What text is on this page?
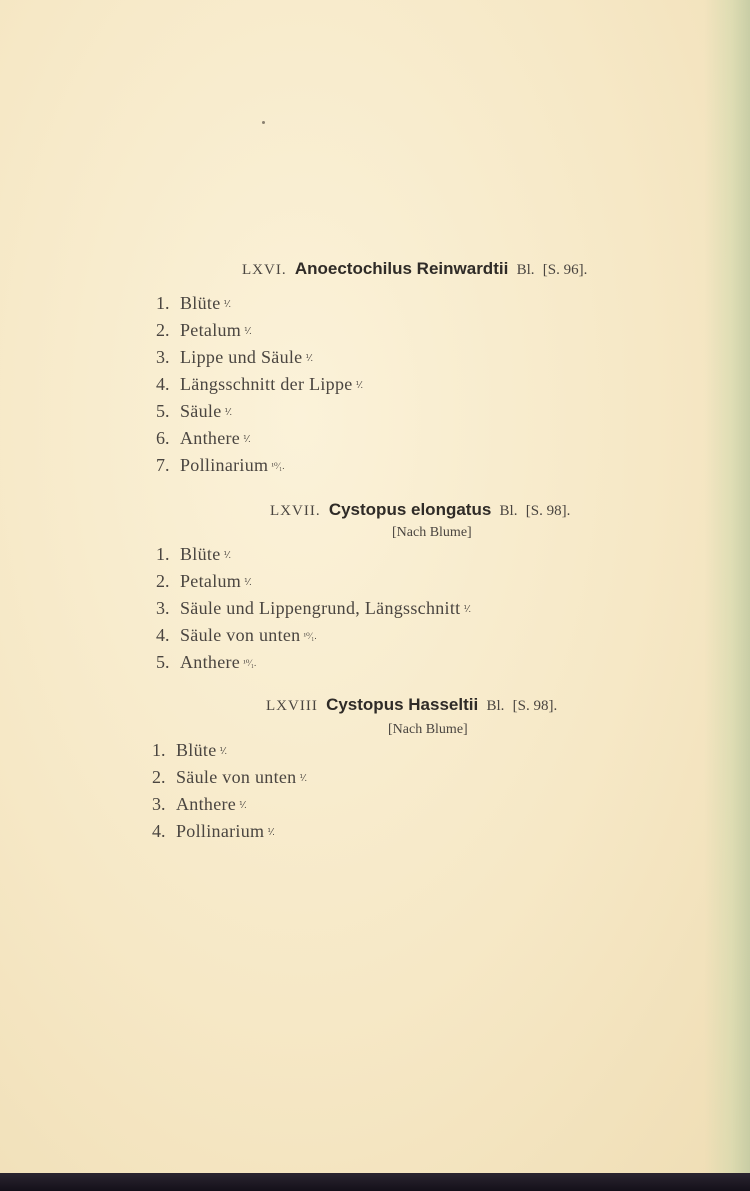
LXVI. Anoectochilus Reinwardtii Bl. [S. 96].
1. Blüte ⅟.
2. Petalum ⅟.
3. Lippe und Säule ⅟.
4. Längsschnitt der Lippe ⅟.
5. Säule ⅟.
6. Anthere ⅟.
7. Pollinarium ¹⁰⁄₁.
LXVII. Cystopus elongatus Bl. [S. 98].
[Nach Blume]
1. Blüte ⅟.
2. Petalum ⅟.
3. Säule und Lippengrund, Längsschnitt ⅟.
4. Säule von unten ¹⁰⁄₁.
5. Anthere ¹⁰⁄₁.
LXVIII Cystopus Hasseltii Bl. [S. 98].
[Nach Blume]
1. Blüte ⅟.
2. Säule von unten ⅟.
3. Anthere ⅟.
4. Pollinarium ⅟.
